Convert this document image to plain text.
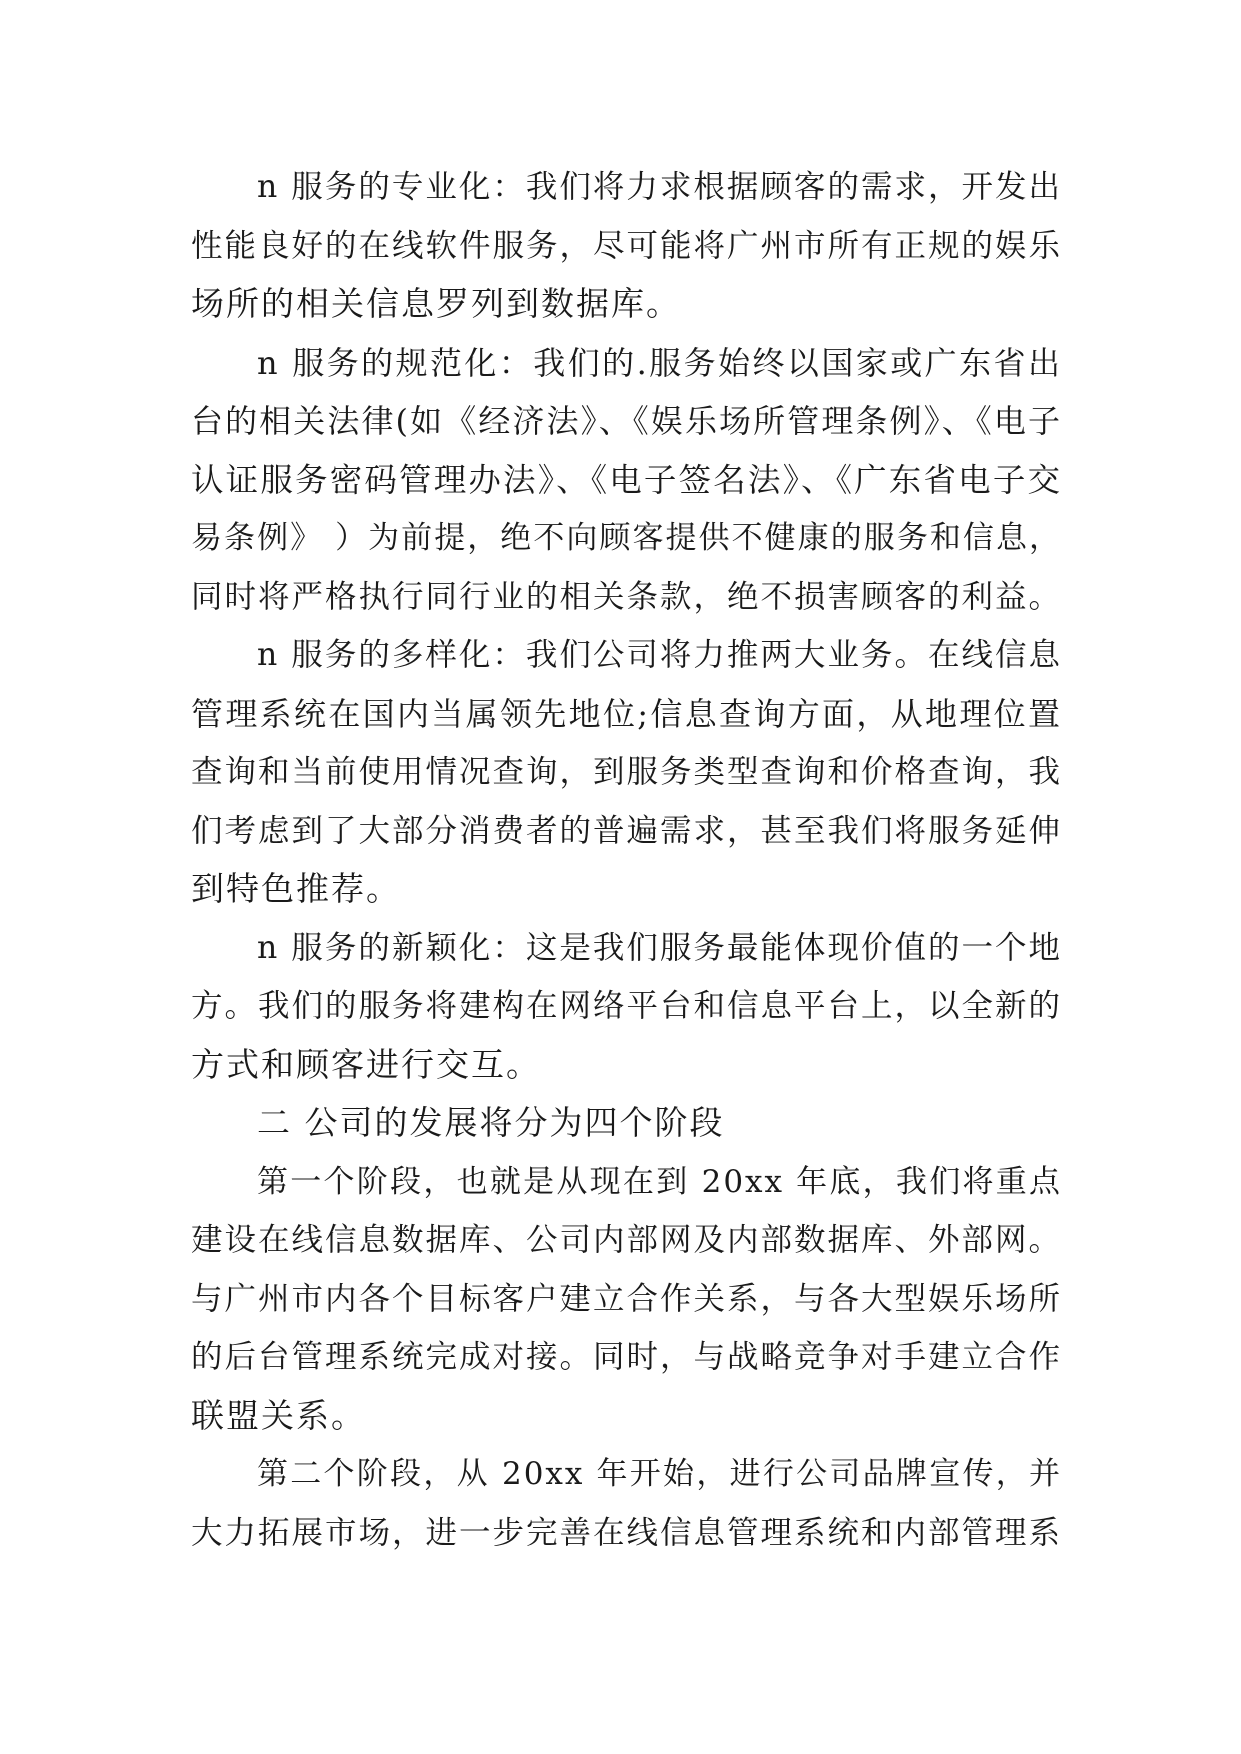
n 服务的专业化：我们将力求根据顾客的需求，开发出
性能良好的在线软件服务，尽可能将广州市所有正规的娱乐
场所的相关信息罗列到数据库。
n 服务的规范化：我们的.服务始终以国家或广东省出
台的相关法律(如《经济法》、《娱乐场所管理条例》、《电子
认证服务密码管理办法》、《电子签名法》、《广东省电子交
易条例》 ）为前提，绝不向顾客提供不健康的服务和信息，
同时将严格执行同行业的相关条款，绝不损害顾客的利益。
n 服务的多样化：我们公司将力推两大业务。在线信息
管理系统在国内当属领先地位;信息查询方面，从地理位置
查询和当前使用情况查询，到服务类型查询和价格查询，我
们考虑到了大部分消费者的普遍需求，甚至我们将服务延伸
到特色推荐。
n 服务的新颖化：这是我们服务最能体现价值的一个地
方。我们的服务将建构在网络平台和信息平台上，以全新的
方式和顾客进行交互。
二 公司的发展将分为四个阶段
第一个阶段，也就是从现在到 20xx 年底，我们将重点
建设在线信息数据库、公司内部网及内部数据库、外部网。
与广州市内各个目标客户建立合作关系，与各大型娱乐场所
的后台管理系统完成对接。同时，与战略竞争对手建立合作
联盟关系。
第二个阶段，从 20xx 年开始，进行公司品牌宣传，并
大力拓展市场，进一步完善在线信息管理系统和内部管理系
